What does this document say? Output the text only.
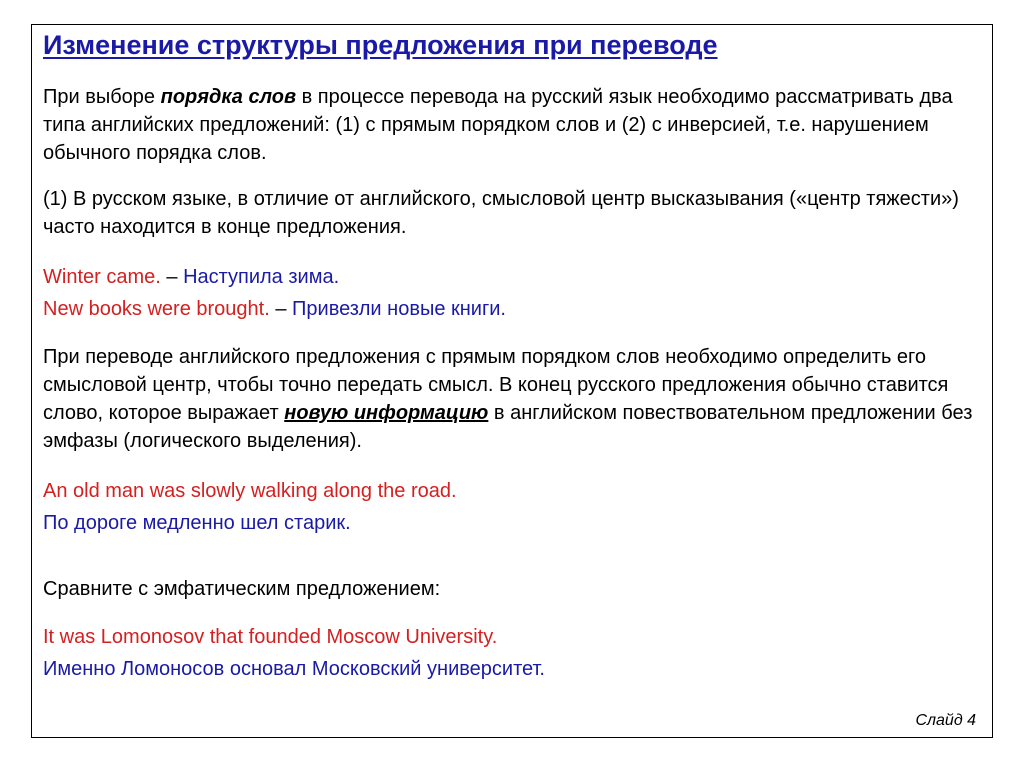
Изменение структуры предложения при переводе

При выборе порядка слов в процессе перевода на русский язык необходимо рассматривать два типа английских предложений: (1) с прямым порядком слов и (2) с инверсией, т.е. нарушением обычного порядка слов.

(1) В русском языке, в отличие от английского, смысловой центр высказывания («центр тяжести») часто находится в конце предложения.

Winter came. – Наступила зима.

New books were brought. – Привезли новые книги.

При переводе английского предложения с прямым порядком слов необходимо определить его смысловой центр, чтобы точно передать смысл. В конец русского предложения обычно ставится слово, которое выражает новую информацию в английском повествовательном предложении без эмфазы (логического выделения).

An old man was slowly walking along the road.

По дороге медленно шел старик.

Сравните с эмфатическим предложением:

It was Lomonosov that founded Moscow University.

Именно Ломоносов основал Московский университет.

Слайд 4
